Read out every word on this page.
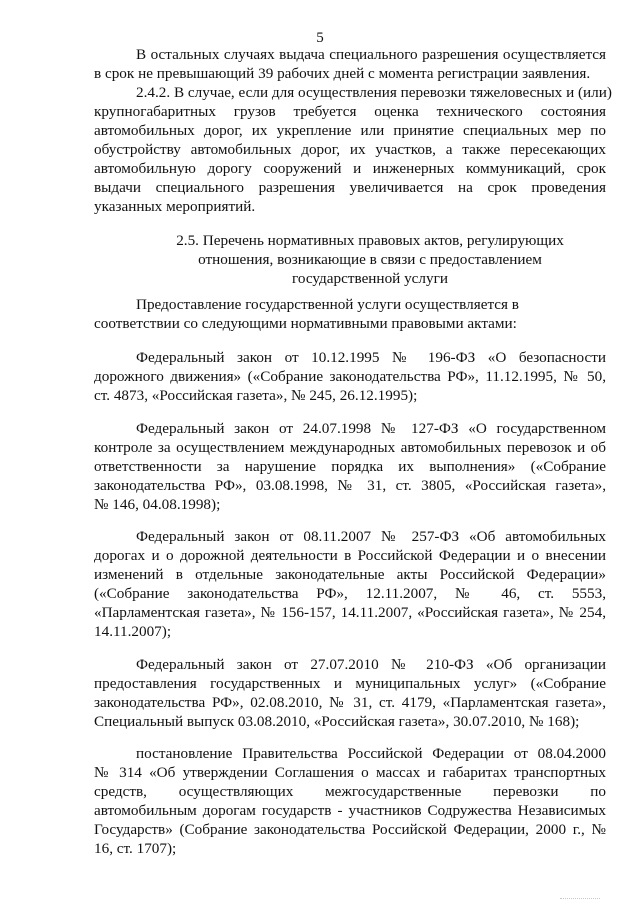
5
В остальных случаях выдача специального разрешения осуществляется
в срок не превышающий 39 рабочих дней с момента регистрации заявления.
2.4.2. В случае, если для осуществления перевозки тяжеловесных и (или)
крупногабаритных грузов требуется оценка технического состояния
автомобильных дорог, их укрепление или принятие специальных мер по
обустройству автомобильных дорог, их участков, а также пересекающих
автомобильную дорогу сооружений и инженерных коммуникаций, срок
выдачи специального разрешения увеличивается на срок проведения
указанных мероприятий.
2.5. Перечень нормативных правовых актов, регулирующих
отношения, возникающие в связи с предоставлением
государственной услуги
Предоставление государственной услуги осуществляется в
соответствии со следующими нормативными правовыми актами:
Федеральный закон от 10.12.1995 № 196-ФЗ «О безопасности
дорожного движения» («Собрание законодательства РФ», 11.12.1995, № 50,
ст. 4873, «Российская газета», № 245, 26.12.1995);
Федеральный закон от 24.07.1998 № 127-ФЗ «О государственном
контроле за осуществлением международных автомобильных перевозок и об
ответственности за нарушение порядка их выполнения» («Собрание
законодательства РФ», 03.08.1998, № 31, ст. 3805, «Российская газета»,
№ 146, 04.08.1998);
Федеральный закон от 08.11.2007 № 257-ФЗ «Об автомобильных
дорогах и о дорожной деятельности в Российской Федерации и о внесении
изменений в отдельные законодательные акты Российской Федерации»
(«Собрание законодательства РФ», 12.11.2007, № 46, ст. 5553,
«Парламентская газета», № 156-157, 14.11.2007, «Российская газета», № 254,
14.11.2007);
Федеральный закон от 27.07.2010 № 210-ФЗ «Об организации
предоставления государственных и муниципальных услуг» («Собрание
законодательства РФ», 02.08.2010, № 31, ст. 4179, «Парламентская газета»,
Специальный выпуск 03.08.2010, «Российская газета», 30.07.2010, № 168);
постановление Правительства Российской Федерации от 08.04.2000
№ 314 «Об утверждении Соглашения о массах и габаритах транспортных
средств, осуществляющих межгосударственные перевозки по
автомобильным дорогам государств - участников Содружества Независимых
Государств» (Собрание законодательства Российской Федерации, 2000 г., №
16, ст. 1707);
